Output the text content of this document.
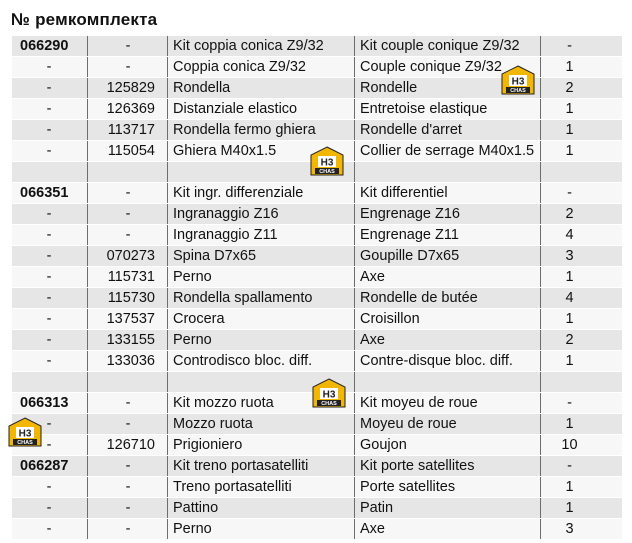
№ ремкомплекта
066290	-	Kit coppia conica Z9/32	Kit couple conique Z9/32	-
-	-	Coppia conica Z9/32	Couple conique Z9/32	1
-	125829 Rondella	Rondelle	2
-	126369 Distanziale elastico	Entretoise elastique	1
-	113717 Rondella fermo ghiera	Rondelle d'arret	1
-	115054 Ghiera M40x1.5	Collier de serrage M40x1.5	1
066351	-	Kit ingr. differenziale	Kit differentiel	-
-	-	Ingranaggio Z16	Engrenage Z16	2
-	-	Ingranaggio Z11	Engrenage Z11	4
-	070273 Spina D7x65	Goupille D7x65	3
-	115731 Perno	Axe	1
-	115730 Rondella spallamento	Rondelle de butée	4
-	137537 Crocera	Croisillon	1
-	133155 Perno	Axe	2
-	133036 Controdisco bloc. diff.	Contre-disque bloc. diff.	1
066313	-	Kit mozzo ruota	Kit moyeu de roue	-
-	-	Mozzo ruota	Moyeu de roue	1
-	126710 Prigioniero	Goujon	10
066287	-	Kit treno portasatelliti	Kit porte satellites	-
-	-	Treno portasatelliti	Porte satellites	1
-	-	Pattino	Patin	1
-	-	Perno	Axe	3
H3
CHAS
H3
CHAS
H3
CHAS
H3
CHAS
